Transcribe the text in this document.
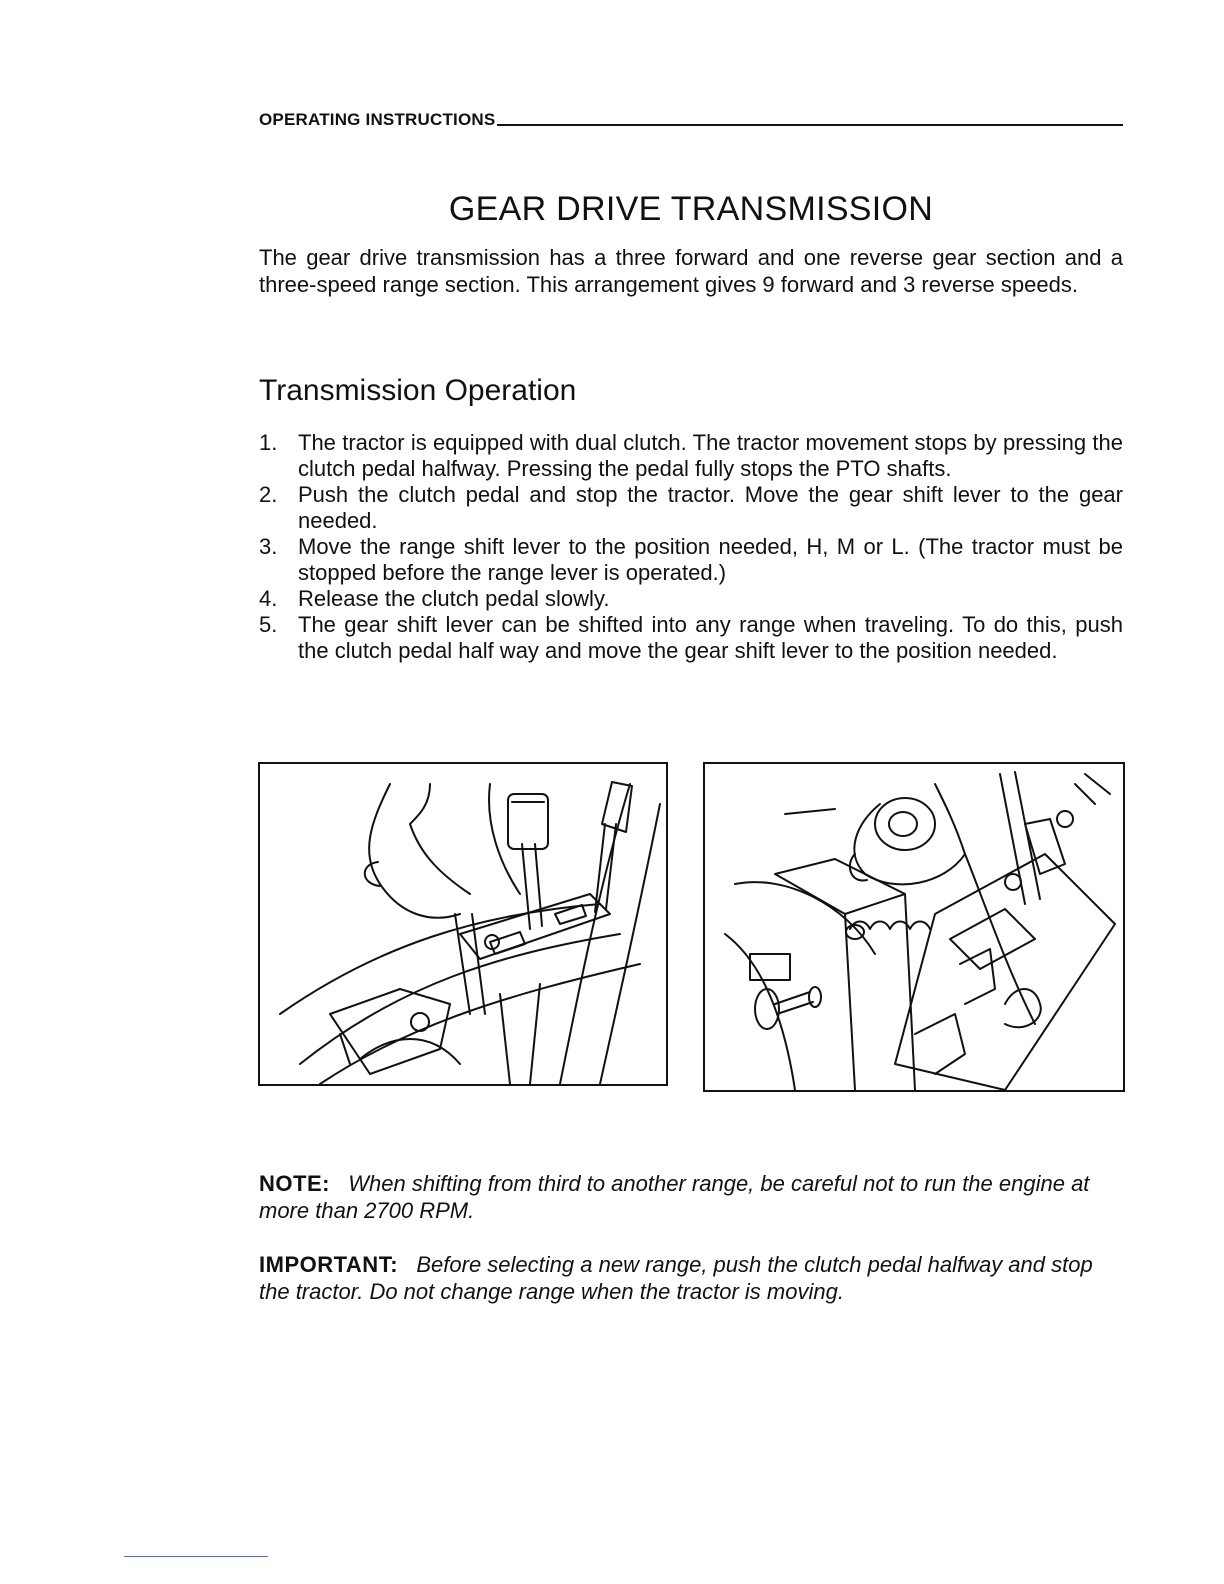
OPERATING INSTRUCTIONS
GEAR DRIVE TRANSMISSION

The gear drive transmission has a three forward and one reverse gear section and a three-speed range section. This arrangement gives 9 forward and 3 reverse speeds.

Transmission Operation
1. The tractor is equipped with dual clutch. The tractor movement stops by pressing the clutch pedal halfway. Pressing the pedal fully stops the PTO shafts.
2. Push the clutch pedal and stop the tractor. Move the gear shift lever to the gear needed.
3. Move the range shift lever to the position needed, H, M or L. (The tractor must be stopped before the range lever is operated.)
4. Release the clutch pedal slowly.
5. The gear shift lever can be shifted into any range when traveling. To do this, push the clutch pedal half way and move the gear shift lever to the position needed.

NOTE: When shifting from third to another range, be careful not to run the engine at more than 2700 RPM.

IMPORTANT: Before selecting a new range, push the clutch pedal halfway and stop the tractor. Do not change range when the tractor is moving.
